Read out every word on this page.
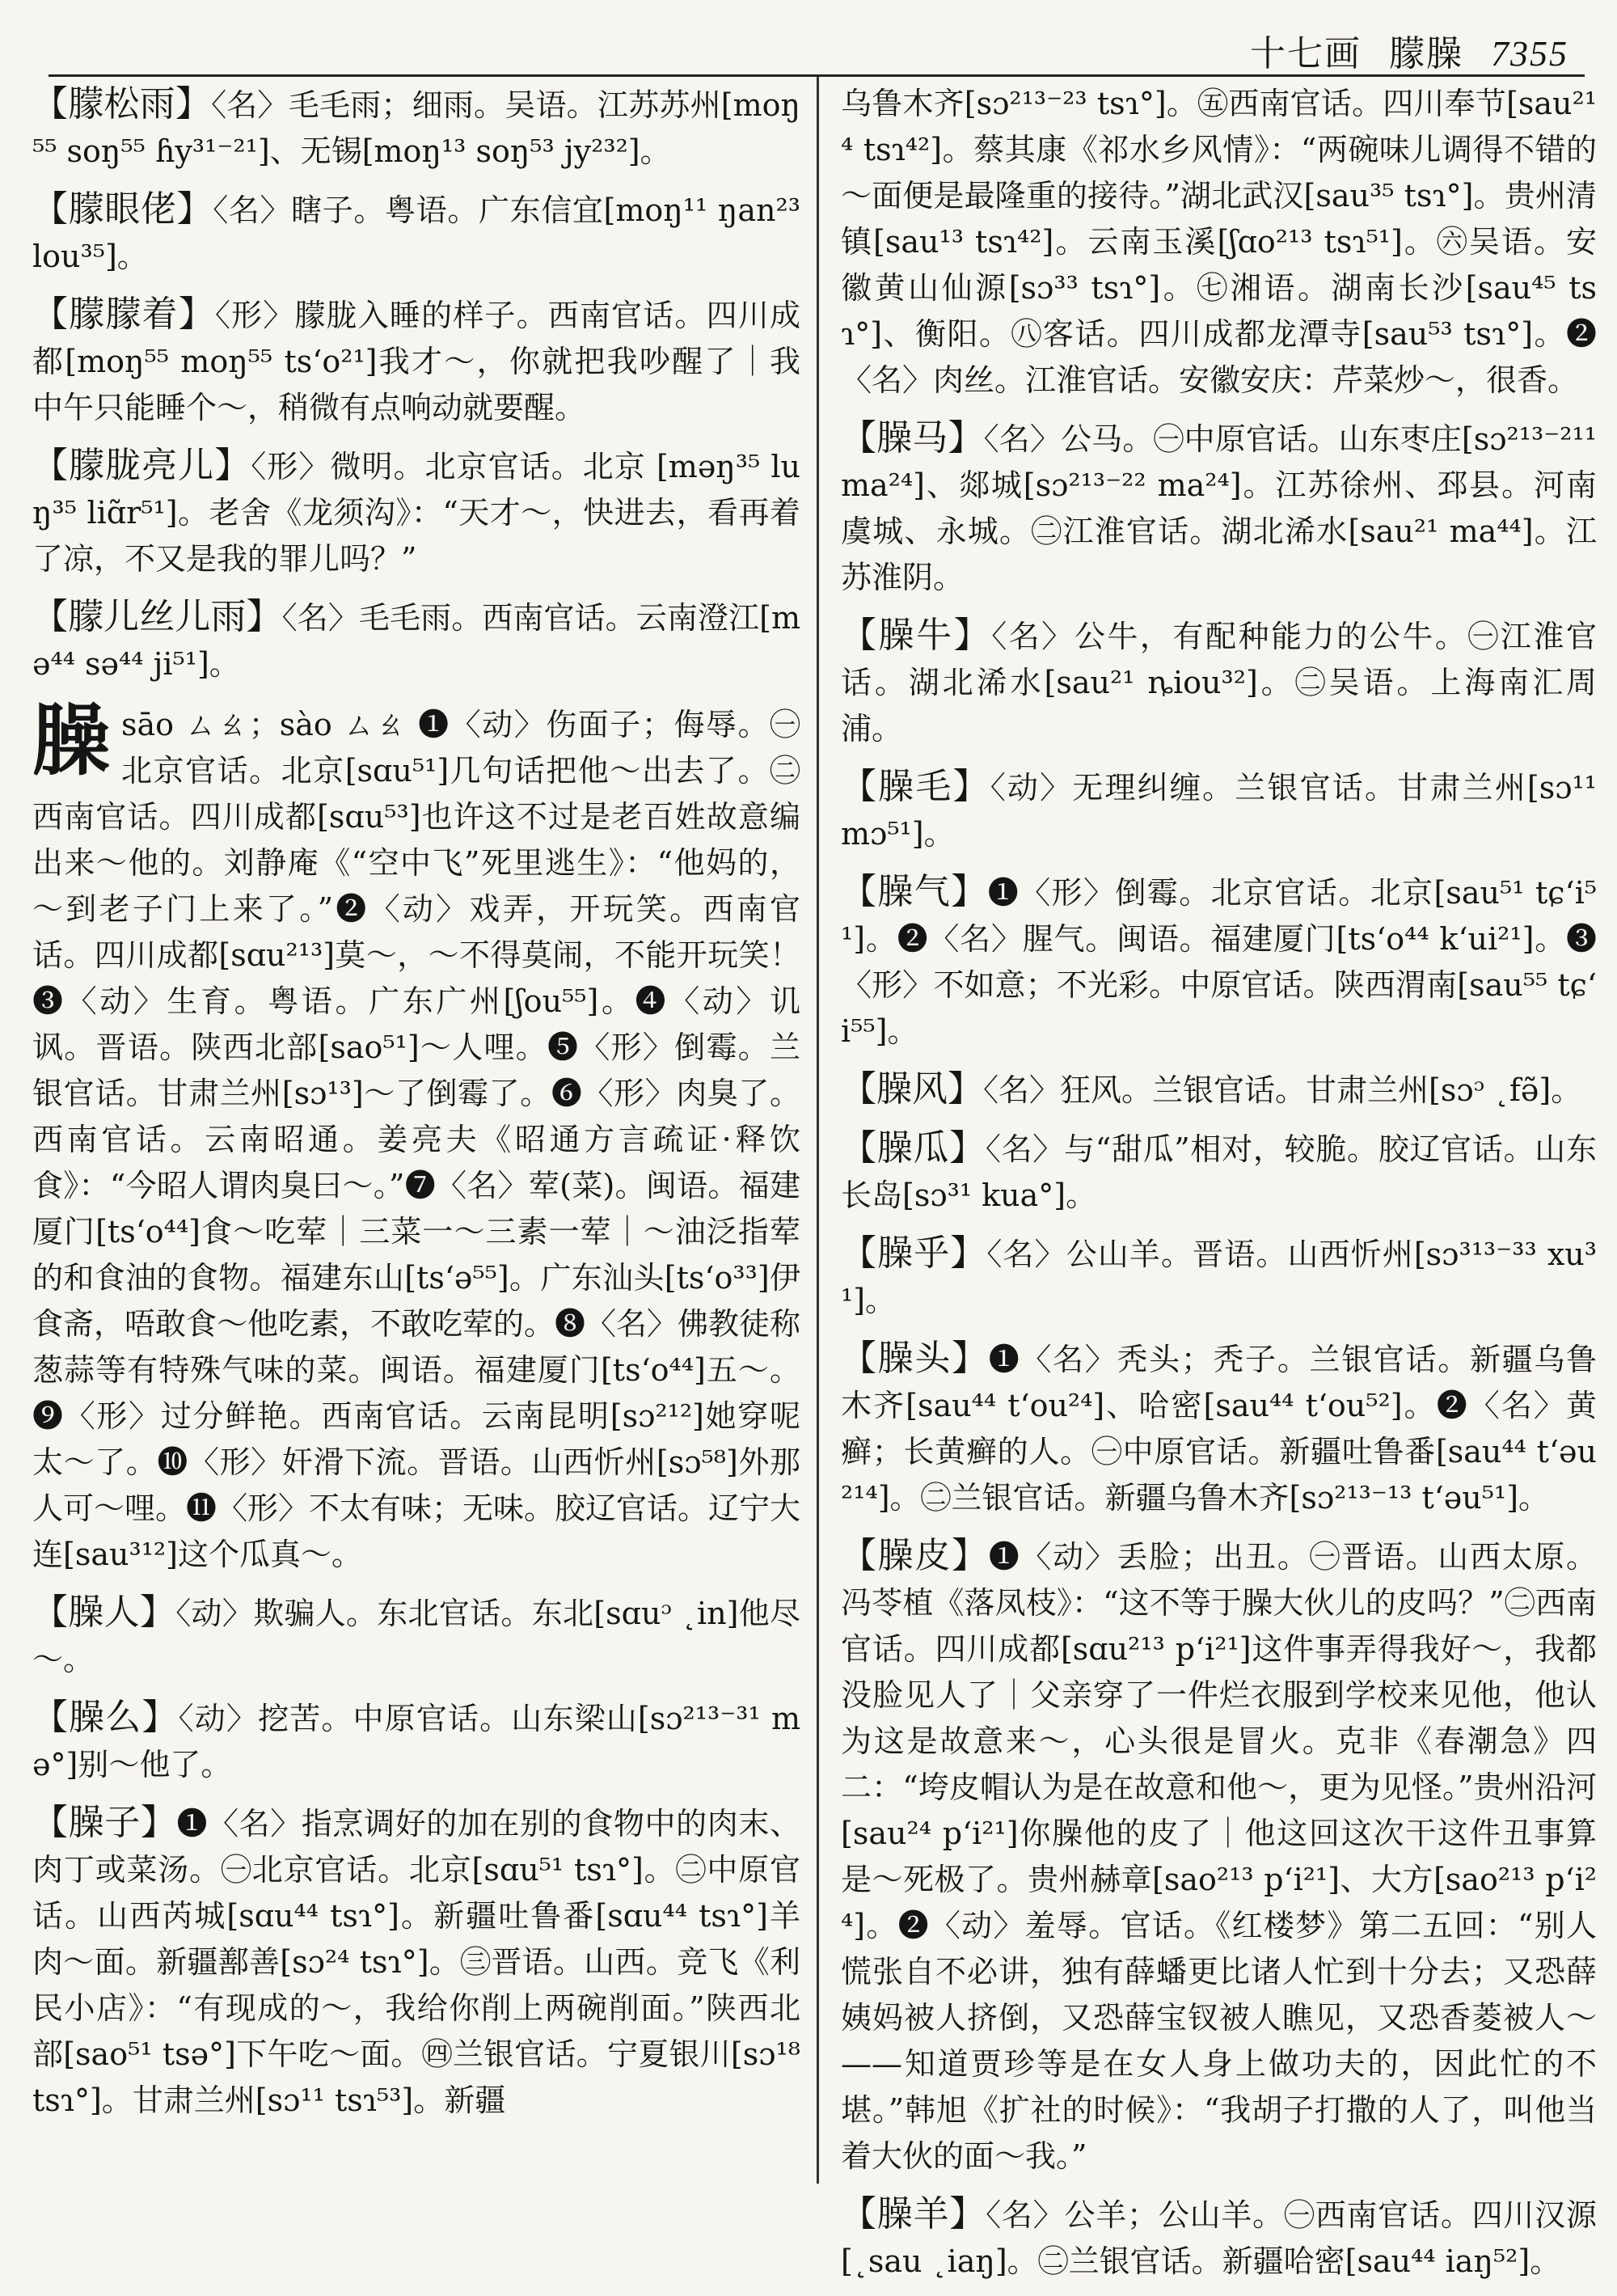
十七画 朦臊 7355

【朦松雨】〈名〉毛毛雨；细雨。吴语。江苏苏州[moŋ⁵⁵ soŋ⁵⁵ ɦy³¹⁻²¹]、无锡[moŋ¹³ soŋ⁵³ jy²³²]。

【朦眼佬】〈名〉瞎子。粤语。广东信宜[moŋ¹¹ ŋan²³ lou³⁵]。

【朦朦着】〈形〉朦胧入睡的样子。西南官话。四川成都[moŋ⁵⁵ moŋ⁵⁵ tsʻo²¹]我才～，你就把我吵醒了｜我中午只能睡个～，稍微有点响动就要醒。

【朦胧亮儿】〈形〉微明。北京官话。北京 [məŋ³⁵ luŋ³⁵ liɑ̃r⁵¹]。老舍《龙须沟》：“天才～，快进去，看再着了凉，不又是我的罪儿吗？”

【朦儿丝儿雨】〈名〉毛毛雨。西南官话。云南澄江[mə⁴⁴ sə⁴⁴ ji⁵¹]。

臊sāo ㄙㄠ；sào ㄙㄠ ❶〈动〉伤面子；侮辱。㊀北京官话。北京[sɑu⁵¹]几句话把他～出去了。㊁西南官话。四川成都[sɑu⁵³]也许这不过是老百姓故意编出来～他的。刘静庵《“空中飞”死里逃生》：“他妈的，～到老子门上来了。”❷〈动〉戏弄，开玩笑。西南官话。四川成都[sɑu²¹³]莫～，～不得莫闹，不能开玩笑！❸〈动〉生育。粤语。广东广州[ʃou⁵⁵]。❹〈动〉讥讽。晋语。陕西北部[sao⁵¹]～人哩。❺〈形〉倒霉。兰银官话。甘肃兰州[sɔ¹³]～了倒霉了。❻〈形〉肉臭了。西南官话。云南昭通。姜亮夫《昭通方言疏证·释饮食》：“今昭人谓肉臭曰～。”❼〈名〉荤(菜)。闽语。福建厦门[tsʻo⁴⁴]食～吃荤｜三菜一～三素一荤｜～油泛指荤的和食油的食物。福建东山[tsʻə⁵⁵]。广东汕头[tsʻo³³]伊食斋，唔敢食～他吃素，不敢吃荤的。❽〈名〉佛教徒称葱蒜等有特殊气味的菜。闽语。福建厦门[tsʻo⁴⁴]五～。❾〈形〉过分鲜艳。西南官话。云南昆明[sɔ²¹²]她穿呢太～了。❿〈形〉奸滑下流。晋语。山西忻州[sɔ⁵⁸]外那人可～哩。⓫〈形〉不太有味；无味。胶辽官话。辽宁大连[sau³¹²]这个瓜真～。

【臊人】〈动〉欺骗人。东北官话。东北[sɑuᵓ ˛in]他尽～。

【臊么】〈动〉挖苦。中原官话。山东梁山[sɔ²¹³⁻³¹ mə°]别～他了。

【臊子】❶〈名〉指烹调好的加在别的食物中的肉末、肉丁或菜汤。㊀北京官话。北京[sɑu⁵¹ tsɿ°]。㊁中原官话。山西芮城[sɑu⁴⁴ tsɿ°]。新疆吐鲁番[sɑu⁴⁴ tsɿ°]羊肉～面。新疆鄯善[sɔ²⁴ tsɿ°]。㊂晋语。山西。竞飞《利民小店》：“有现成的～，我给你削上两碗削面。”陕西北部[sao⁵¹ tsə°]下午吃～面。㊃兰银官话。宁夏银川[sɔ¹⁸ tsɿ°]。甘肃兰州[sɔ¹¹ tsɿ⁵³]。新疆

乌鲁木齐[sɔ²¹³⁻²³ tsɿ°]。㊄西南官话。四川奉节[sau²¹⁴ tsɿ⁴²]。蔡其康《祁水乡风情》：“两碗味儿调得不错的～面便是最隆重的接待。”湖北武汉[sau³⁵ tsɿ°]。贵州清镇[sau¹³ tsɿ⁴²]。云南玉溪[ʃɑo²¹³ tsɿ⁵¹]。㊅吴语。安徽黄山仙源[sɔ³³ tsɿ°]。㊆湘语。湖南长沙[sau⁴⁵ tsɿ°]、衡阳。㊇客话。四川成都龙潭寺[sau⁵³ tsɿ°]。❷〈名〉肉丝。江淮官话。安徽安庆：芹菜炒～，很香。

【臊马】〈名〉公马。㊀中原官话。山东枣庄[sɔ²¹³⁻²¹¹ ma²⁴]、郯城[sɔ²¹³⁻²² ma²⁴]。江苏徐州、邳县。河南虞城、永城。㊁江淮官话。湖北浠水[sau²¹ ma⁴⁴]。江苏淮阴。

【臊牛】〈名〉公牛，有配种能力的公牛。㊀江淮官话。湖北浠水[sau²¹ ȵiou³²]。㊁吴语。上海南汇周浦。

【臊毛】〈动〉无理纠缠。兰银官话。甘肃兰州[sɔ¹¹ mɔ⁵¹]。

【臊气】❶〈形〉倒霉。北京官话。北京[sau⁵¹ tɕʻi⁵¹]。❷〈名〉腥气。闽语。福建厦门[tsʻo⁴⁴ kʻui²¹]。❸〈形〉不如意；不光彩。中原官话。陕西渭南[sau⁵⁵ tɕʻi⁵⁵]。

【臊风】〈名〉狂风。兰银官话。甘肃兰州[sɔᵓ ˛fə̃]。

【臊瓜】〈名〉与“甜瓜”相对，较脆。胶辽官话。山东长岛[sɔ³¹ kua°]。

【臊乎】〈名〉公山羊。晋语。山西忻州[sɔ³¹³⁻³³ xu³¹]。

【臊头】❶〈名〉秃头；秃子。兰银官话。新疆乌鲁木齐[sau⁴⁴ tʻou²⁴]、哈密[sau⁴⁴ tʻou⁵²]。❷〈名〉黄癣；长黄癣的人。㊀中原官话。新疆吐鲁番[sau⁴⁴ tʻəu²¹⁴]。㊁兰银官话。新疆乌鲁木齐[sɔ²¹³⁻¹³ tʻəu⁵¹]。

【臊皮】❶〈动〉丢脸；出丑。㊀晋语。山西太原。冯苓植《落凤枝》：“这不等于臊大伙儿的皮吗？”㊁西南官话。四川成都[sɑu²¹³ pʻi²¹]这件事弄得我好～，我都没脸见人了｜父亲穿了一件烂衣服到学校来见他，他认为这是故意来～，心头很是冒火。克非《春潮急》四二：“垮皮帽认为是在故意和他～，更为见怪。”贵州沿河[sau²⁴ pʻi²¹]你臊他的皮了｜他这回这次干这件丑事算是～死极了。贵州赫章[sao²¹³ pʻi²¹]、大方[sao²¹³ pʻi²⁴]。❷〈动〉羞辱。官话。《红楼梦》第二五回：“别人慌张自不必讲，独有薛蟠更比诸人忙到十分去；又恐薛姨妈被人挤倒，又恐薛宝钗被人瞧见，又恐香菱被人～——知道贾珍等是在女人身上做功夫的，因此忙的不堪。”韩旭《扩社的时候》：“我胡子打撒的人了，叫他当着大伙的面～我。”

【臊羊】〈名〉公羊；公山羊。㊀西南官话。四川汉源[˛sau ˛iaŋ]。㊁兰银官话。新疆哈密[sau⁴⁴ iaŋ⁵²]。
